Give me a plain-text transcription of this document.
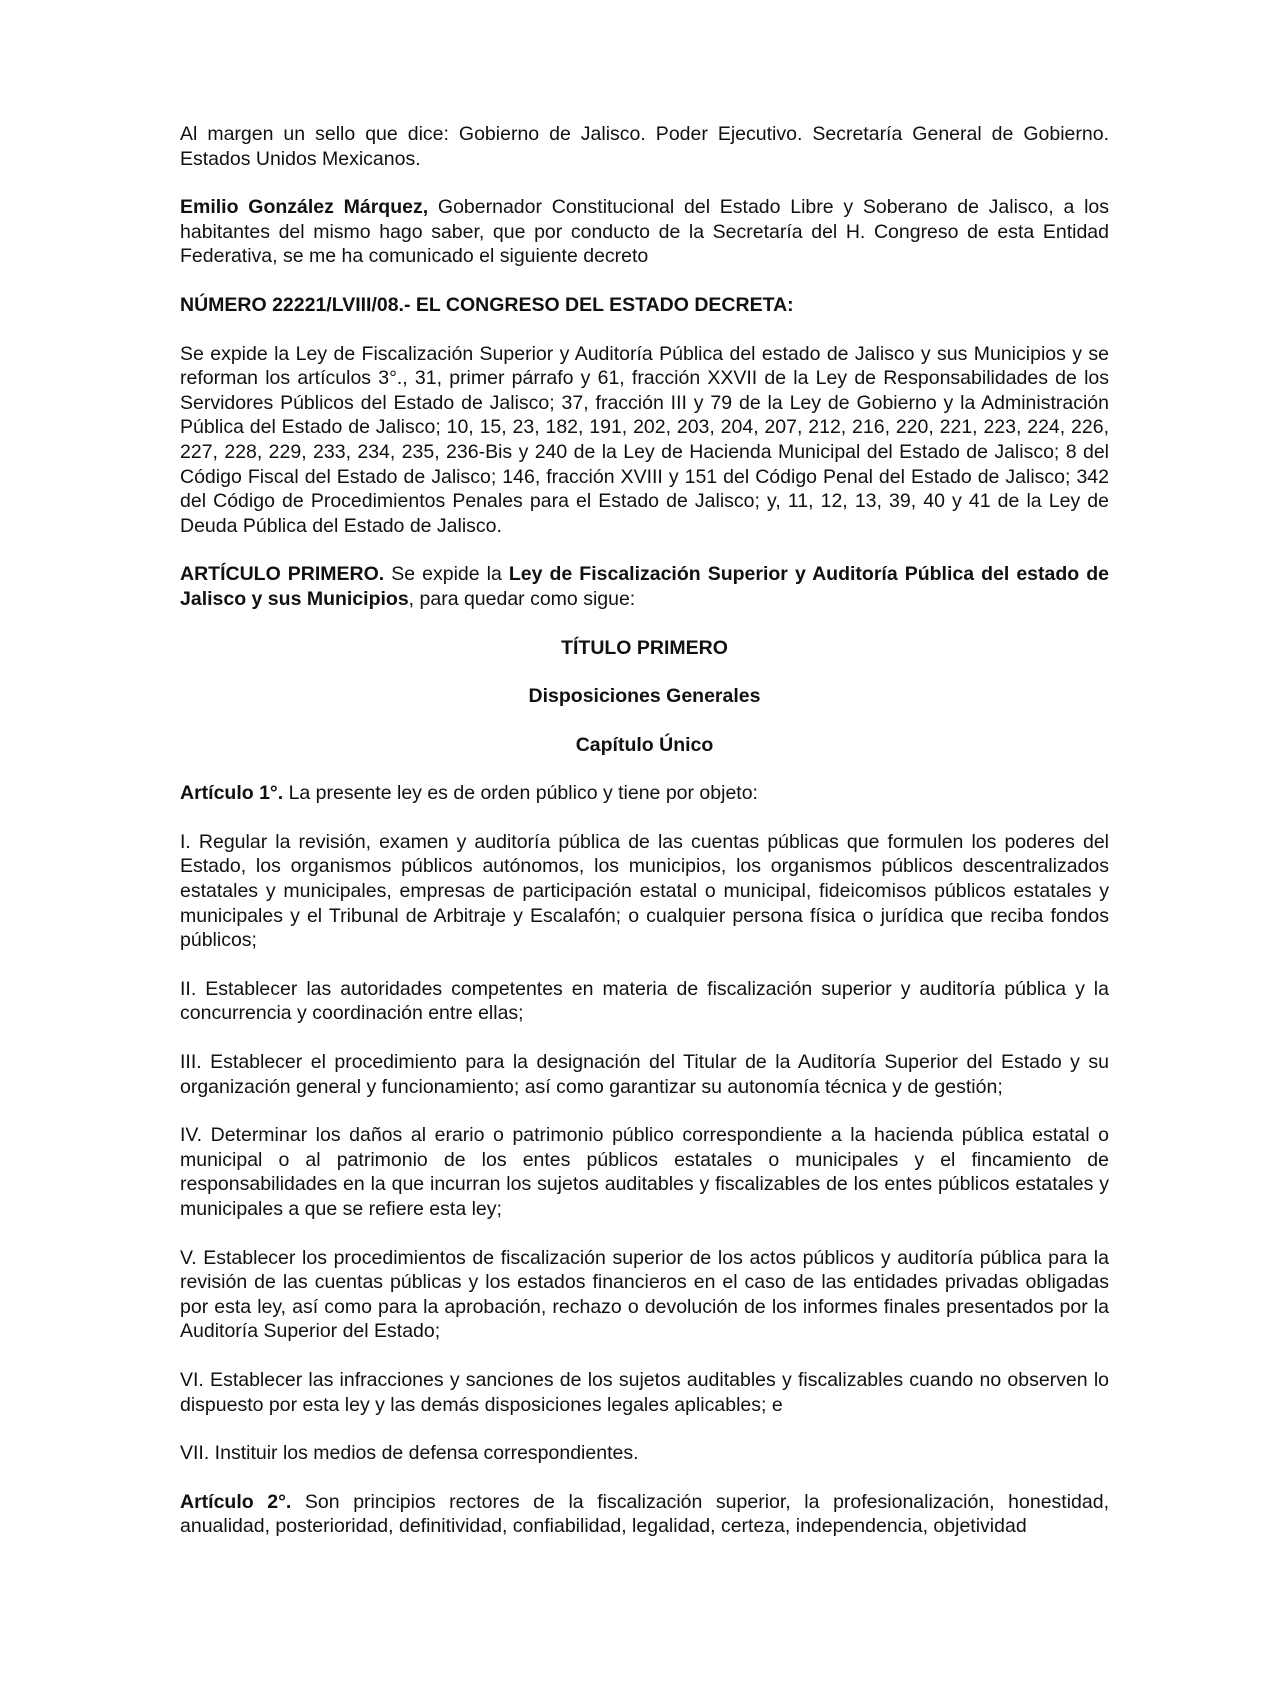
Al margen un sello que dice: Gobierno de Jalisco. Poder Ejecutivo. Secretaría General de Gobierno. Estados Unidos Mexicanos.

Emilio González Márquez, Gobernador Constitucional del Estado Libre y Soberano de Jalisco, a los habitantes del mismo hago saber, que por conducto de la Secretaría del H. Congreso de esta Entidad Federativa, se me ha comunicado el siguiente decreto

NÚMERO 22221/LVIII/08.- EL CONGRESO DEL ESTADO DECRETA:

Se expide la Ley de Fiscalización Superior y Auditoría Pública del estado de Jalisco y sus Municipios y se reforman los artículos 3°., 31, primer párrafo y 61, fracción XXVII de la Ley de Responsabilidades de los Servidores Públicos del Estado de Jalisco; 37, fracción III y 79 de la Ley de Gobierno y la Administración Pública del Estado de Jalisco; 10, 15, 23, 182, 191, 202, 203, 204, 207, 212, 216, 220, 221, 223, 224, 226, 227, 228, 229, 233, 234, 235, 236-Bis y 240 de la Ley de Hacienda Municipal del Estado de Jalisco; 8 del Código Fiscal del Estado de Jalisco; 146, fracción XVIII y 151 del Código Penal del Estado de Jalisco; 342 del Código de Procedimientos Penales para el Estado de Jalisco; y, 11, 12, 13, 39, 40 y 41 de la Ley de Deuda Pública del Estado de Jalisco.

ARTÍCULO PRIMERO. Se expide la Ley de Fiscalización Superior y Auditoría Pública del estado de Jalisco y sus Municipios, para quedar como sigue:

TÍTULO PRIMERO

Disposiciones Generales

Capítulo Único

Artículo 1°. La presente ley es de orden público y tiene por objeto:

I. Regular la revisión, examen y auditoría pública de las cuentas públicas que formulen los poderes del Estado, los organismos públicos autónomos, los municipios, los organismos públicos descentralizados estatales y municipales, empresas de participación estatal o municipal, fideicomisos públicos estatales y municipales y el Tribunal de Arbitraje y Escalafón; o cualquier persona física o jurídica que reciba fondos públicos;

II. Establecer las autoridades competentes en materia de fiscalización superior y auditoría pública y la concurrencia y coordinación entre ellas;

III. Establecer el procedimiento para la designación del Titular de la Auditoría Superior del Estado y su organización general y funcionamiento; así como garantizar su autonomía técnica y de gestión;

IV. Determinar los daños al erario o patrimonio público correspondiente a la hacienda pública estatal o municipal o al patrimonio de los entes públicos estatales o municipales y el fincamiento de responsabilidades en la que incurran los sujetos auditables y fiscalizables de los entes públicos estatales y municipales a que se refiere esta ley;

V. Establecer los procedimientos de fiscalización superior de los actos públicos y auditoría pública para la revisión de las cuentas públicas y los estados financieros en el caso de las entidades privadas obligadas por esta ley, así como para la aprobación, rechazo o devolución de los informes finales presentados por la Auditoría Superior del Estado;

VI. Establecer las infracciones y sanciones de los sujetos auditables y fiscalizables cuando no observen lo dispuesto por esta ley y las demás disposiciones legales aplicables; e

VII. Instituir los medios de defensa correspondientes.

Artículo 2°. Son principios rectores de la fiscalización superior, la profesionalización, honestidad, anualidad, posterioridad, definitividad, confiabilidad, legalidad, certeza, independencia, objetividad
